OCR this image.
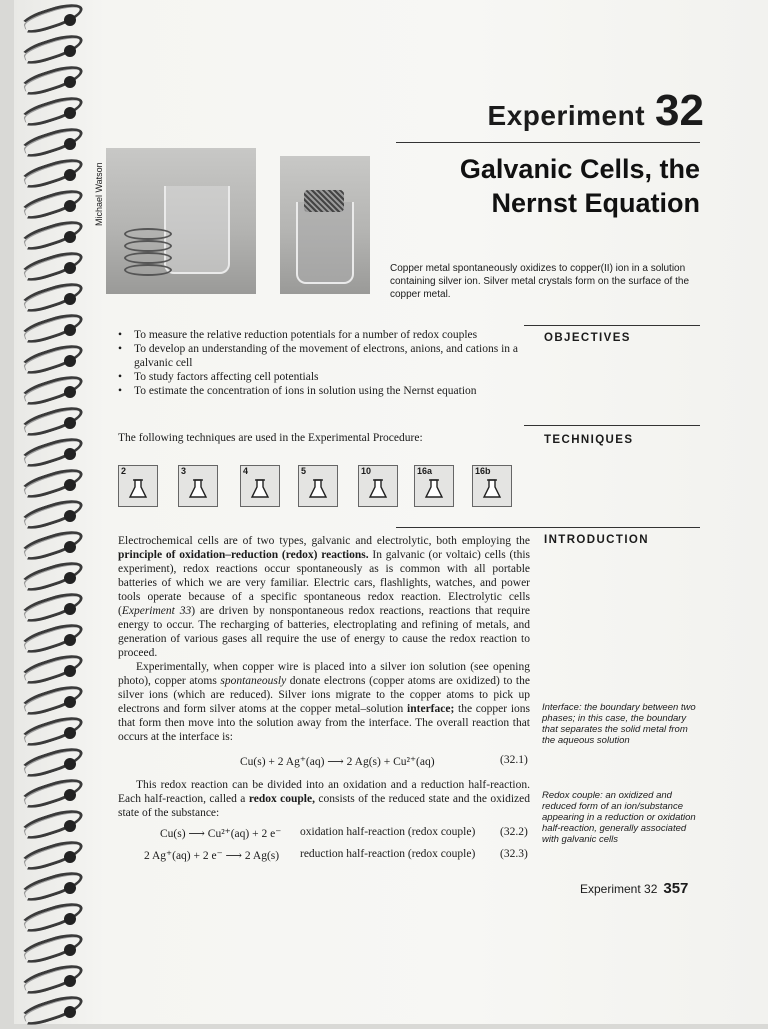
Experiment 32
Galvanic Cells, the
Nernst Equation
Michael Watson
Copper metal spontaneously oxidizes to copper(II) ion in a solution containing silver ion. Silver metal crystals form on the surface of the copper metal.
OBJECTIVES
• To measure the relative reduction potentials for a number of redox couples
• To develop an understanding of the movement of electrons, anions, and cations in a galvanic cell
• To study factors affecting cell potentials
• To estimate the concentration of ions in solution using the Nernst equation
TECHNIQUES
The following techniques are used in the Experimental Procedure:
2	3	4	5	10	16a	16b
INTRODUCTION

Electrochemical cells are of two types, galvanic and electrolytic, both employing the principle of oxidation–reduction (redox) reactions. In galvanic (or voltaic) cells (this experiment), redox reactions occur spontaneously as is common with all portable batteries of which we are very familiar. Electric cars, flashlights, watches, and power tools operate because of a specific spontaneous redox reaction. Electrolytic cells (Experiment 33) are driven by nonspontaneous redox reactions, reactions that require energy to occur. The recharging of batteries, electroplating and refining of metals, and generation of various gases all require the use of energy to cause the redox reaction to proceed.

Experimentally, when copper wire is placed into a silver ion solution (see opening photo), copper atoms spontaneously donate electrons (copper atoms are oxidized) to the silver ions (which are reduced). Silver ions migrate to the copper atoms to pick up electrons and form silver atoms at the copper metal–solution interface; the copper ions that form then move into the solution away from the interface. The overall reaction that occurs at the interface is:

Cu(s) + 2 Ag⁺(aq) ⟶ 2 Ag(s) + Cu²⁺(aq)	(32.1)

This redox reaction can be divided into an oxidation and a reduction half-reaction. Each half-reaction, called a redox couple, consists of the reduced state and the oxidized state of the substance:

Cu(s) ⟶ Cu²⁺(aq) + 2 e⁻ oxidation half-reaction (redox couple) (32.2)
2 Ag⁺(aq) + 2 e⁻ ⟶ 2 Ag(s) reduction half-reaction (redox couple) (32.3)
Interface: the boundary between two phases; in this case, the boundary that separates the solid metal from the aqueous solution
Redox couple: an oxidized and reduced form of an ion/substance appearing in a reduction or oxidation half-reaction, generally associated with galvanic cells
Experiment 32 357
